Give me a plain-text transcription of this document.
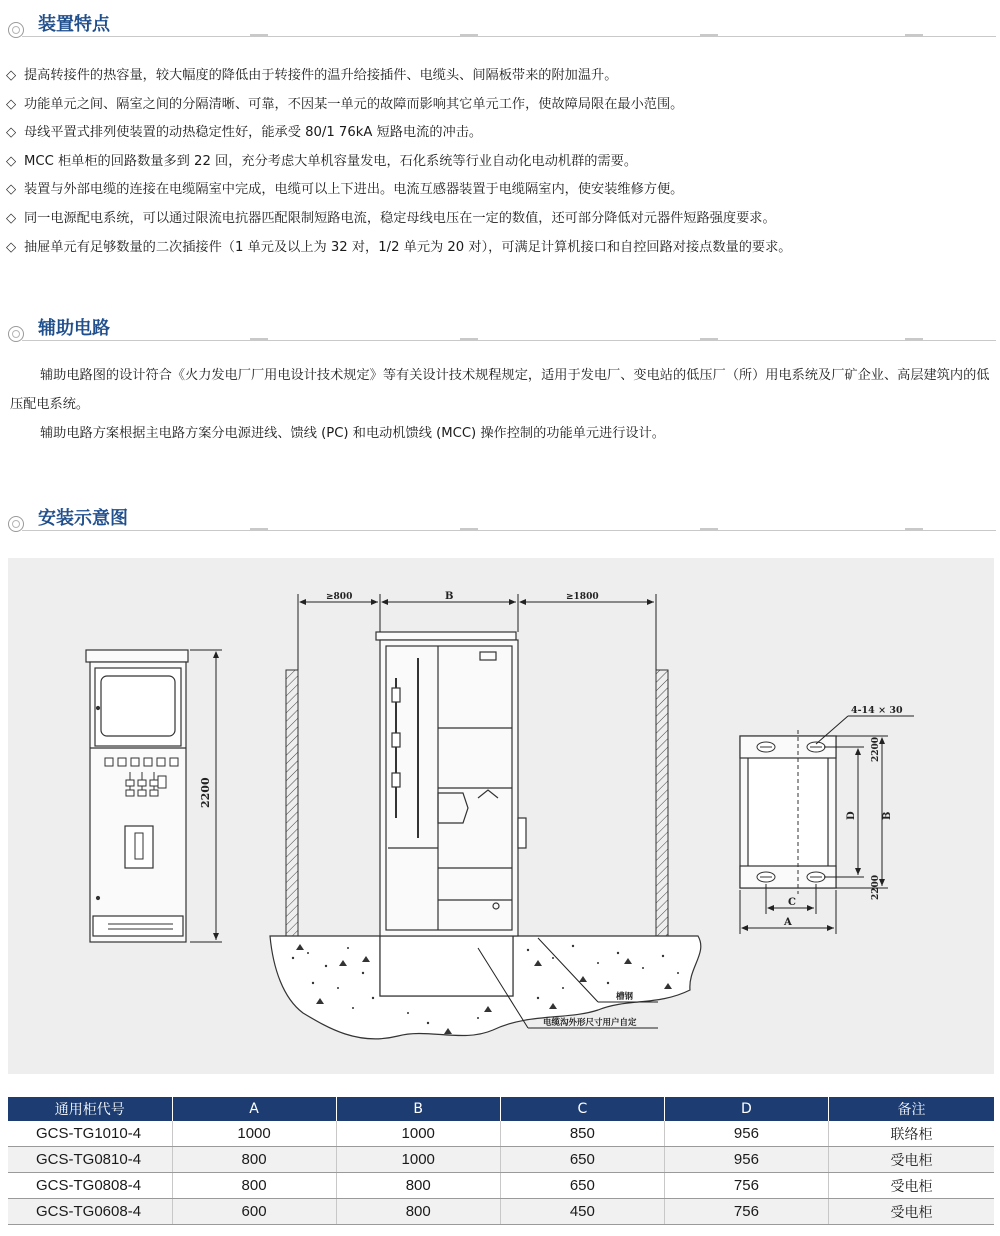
装置特点
◇ 提高转接件的热容量，较大幅度的降低由于转接件的温升给接插件、电缆头、间隔板带来的附加温升。
◇ 功能单元之间、隔室之间的分隔清晰、可靠，不因某一单元的故障而影响其它单元工作，使故障局限在最小范围。
◇ 母线平置式排列使装置的动热稳定性好，能承受 80/1 76kA 短路电流的冲击。
◇ MCC 柜单柜的回路数量多到 22 回，充分考虑大单机容量发电，石化系统等行业自动化电动机群的需要。
◇ 装置与外部电缆的连接在电缆隔室中完成，电缆可以上下进出。电流互感器装置于电缆隔室内，使安装维修方便。
◇ 同一电源配电系统，可以通过限流电抗器匹配限制短路电流，稳定母线电压在一定的数值，还可部分降低对元器件短路强度要求。
◇ 抽屉单元有足够数量的二次插接件（1 单元及以上为 32 对，1/2 单元为 20 对），可满足计算机接口和自控回路对接点数量的要求。
辅助电路

辅助电路图的设计符合《火力发电厂厂用电设计技术规定》等有关设计技术规程规定，适用于发电厂、变电站的低压厂（所）用电系统及厂矿企业、高层建筑内的低压配电系统。

辅助电路方案根据主电路方案分电源进线、馈线 (PC) 和电动机馈线 (MCC) 操作控制的功能单元进行设计。

安装示意图
2200
≥800	B	≥1800
槽钢
电缆沟外形尺寸用户自定
4-14 × 30
2200
2200
D	B
C
A
通用柜代号	A	B	C	D	备注
GCS-TG1010-4	1000	1000	850	956	联络柜
GCS-TG0810-4	800	1000	650	956	受电柜
GCS-TG0808-4	800	800	650	756	受电柜
GCS-TG0608-4	600	800	450	756	受电柜
